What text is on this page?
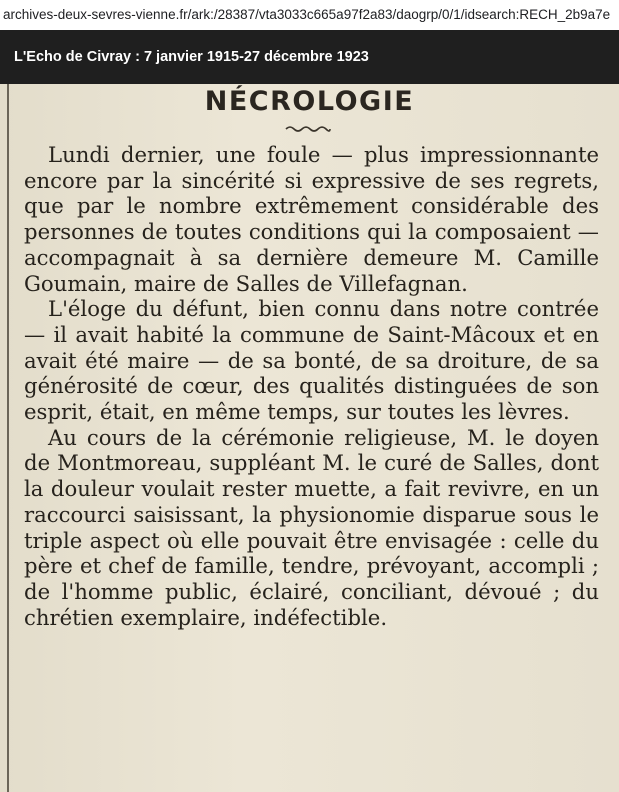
archives-deux-sevres-vienne.fr/ark:/28387/vta3033c665a97f2a83/daogrp/0/1/idsearch:RECH_2b9a7e
L'Echo de Civray : 7 janvier 1915-27 décembre 1923
NÉCROLOGIE

Lundi dernier, une foule — plus impressionnante encore par la sincérité si expressive de ses regrets, que par le nombre extrêmement considérable des personnes de toutes conditions qui la composaient — accompagnait à sa dernière demeure M. Camille Goumain, maire de Salles de Villefagnan.

L'éloge du défunt, bien connu dans notre contrée — il avait habité la commune de Saint-Mâcoux et en avait été maire — de sa bonté, de sa droiture, de sa générosité de cœur, des qualités distinguées de son esprit, était, en même temps, sur toutes les lèvres.

Au cours de la cérémonie religieuse, M. le doyen de Montmoreau, suppléant M. le curé de Salles, dont la douleur voulait rester muette, a fait revivre, en un raccourci saisissant, la physionomie disparue sous le triple aspect où elle pouvait être envisagée : celle du père et chef de famille, tendre, prévoyant, accompli ; de l'homme public, éclairé, conciliant, dévoué ; du chrétien exemplaire, indéfectible.
